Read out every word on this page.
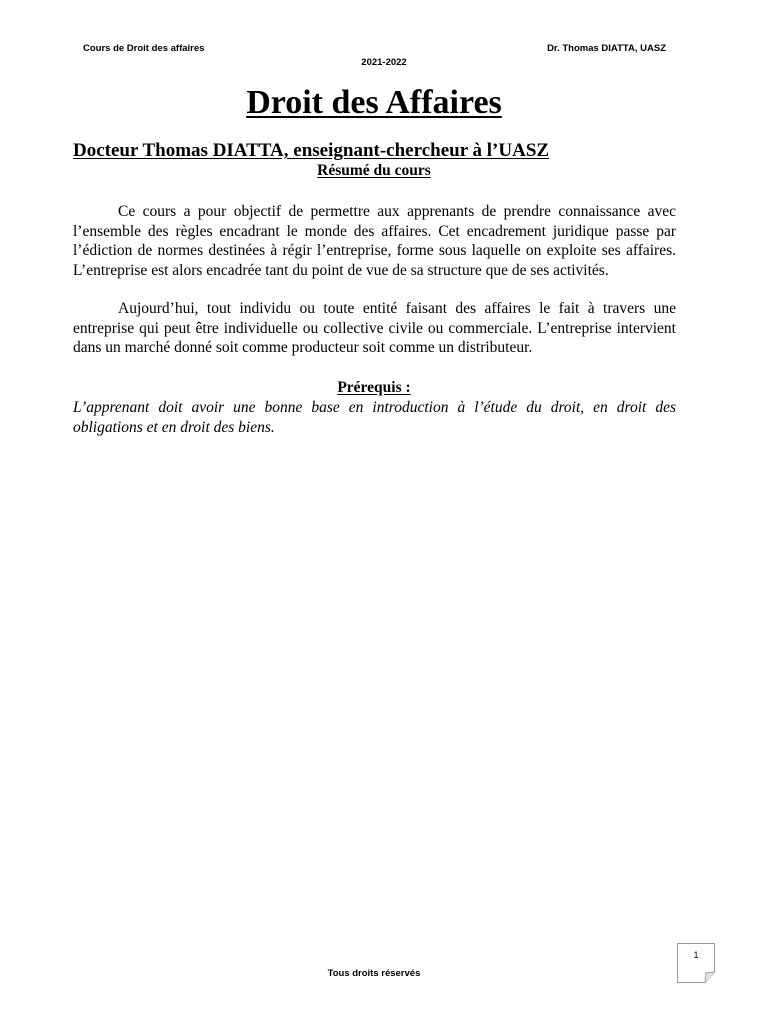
Cours de Droit des affaires	Dr. Thomas DIATTA, UASZ
2021-2022
Droit des Affaires
Docteur Thomas DIATTA, enseignant-chercheur à l’UASZ
Résumé du cours

Ce cours a pour objectif de permettre aux apprenants de prendre connaissance avec l’ensemble des règles encadrant le monde des affaires. Cet encadrement juridique passe par l’édiction de normes destinées à régir l’entreprise, forme sous laquelle on exploite ses affaires. L’entreprise est alors encadrée tant du point de vue de sa structure que de ses activités.

Aujourd’hui, tout individu ou toute entité faisant des affaires le fait à travers une entreprise qui peut être individuelle ou collective civile ou commerciale. L’entreprise intervient dans un marché donné soit comme producteur soit comme un distributeur.

Prérequis :

L’apprenant doit avoir une bonne base en introduction à l’étude du droit, en droit des obligations et en droit des biens.

1
Tous droits réservés
